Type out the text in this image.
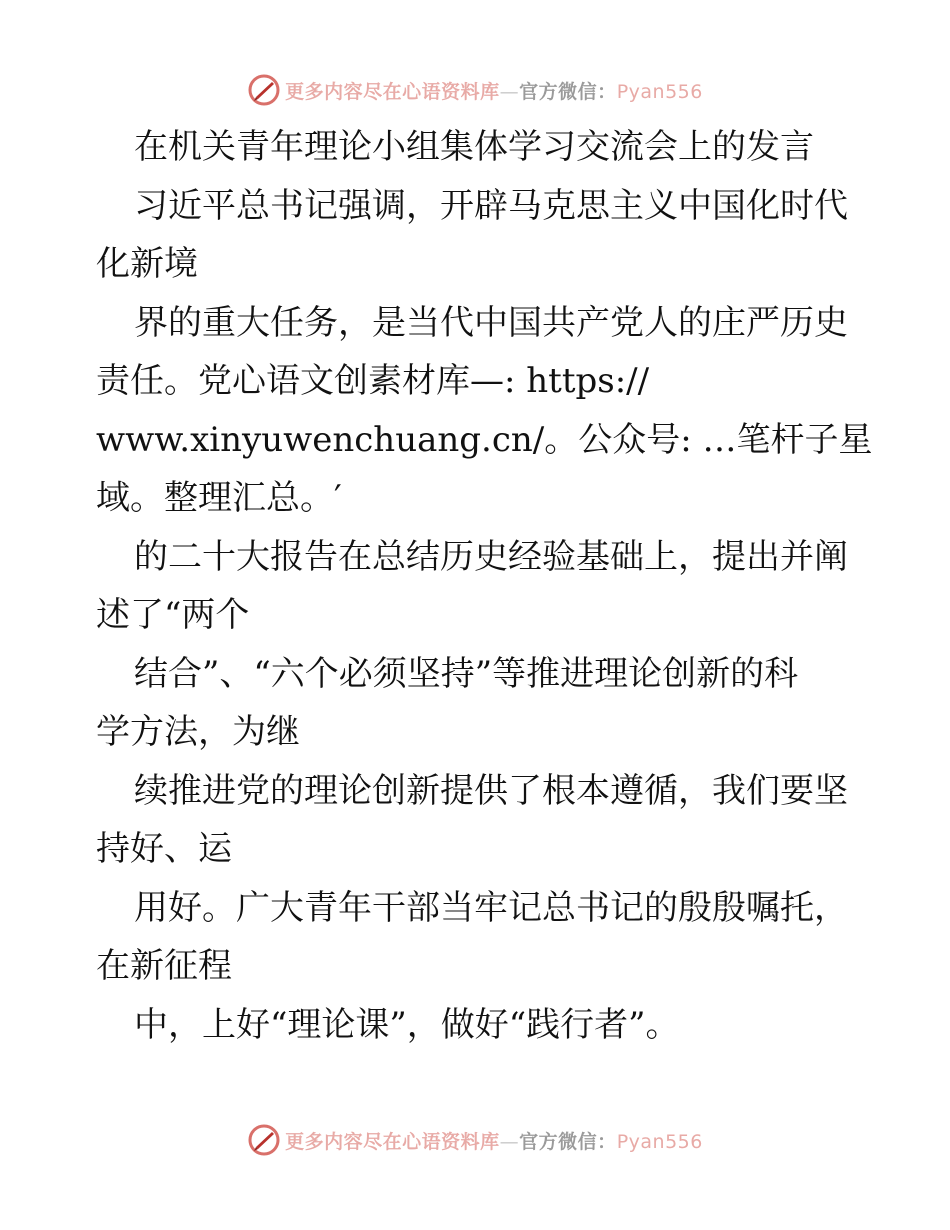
更多内容尽在心语资料库—官方微信：Pyan556
在机关青年理论小组集体学习交流会上的发言
习近平总书记强调，开辟马克思主义中国化时代
化新境
界的重大任务，是当代中国共产党人的庄严历史
责任。党心语文创素材库—: https://
www.xinyuwenchuang.cn/。公众号: …笔杆子星
域。整理汇总。′
的二十大报告在总结历史经验基础上，提出并阐
述了“两个
结合”、“六个必须坚持”等推进理论创新的科
学方法，为继
续推进党的理论创新提供了根本遵循，我们要坚
持好、运
用好。广大青年干部当牢记总书记的殷殷嘱托，
在新征程
中，上好“理论课”，做好“践行者”。
更多内容尽在心语资料库—官方微信：Pyan556
